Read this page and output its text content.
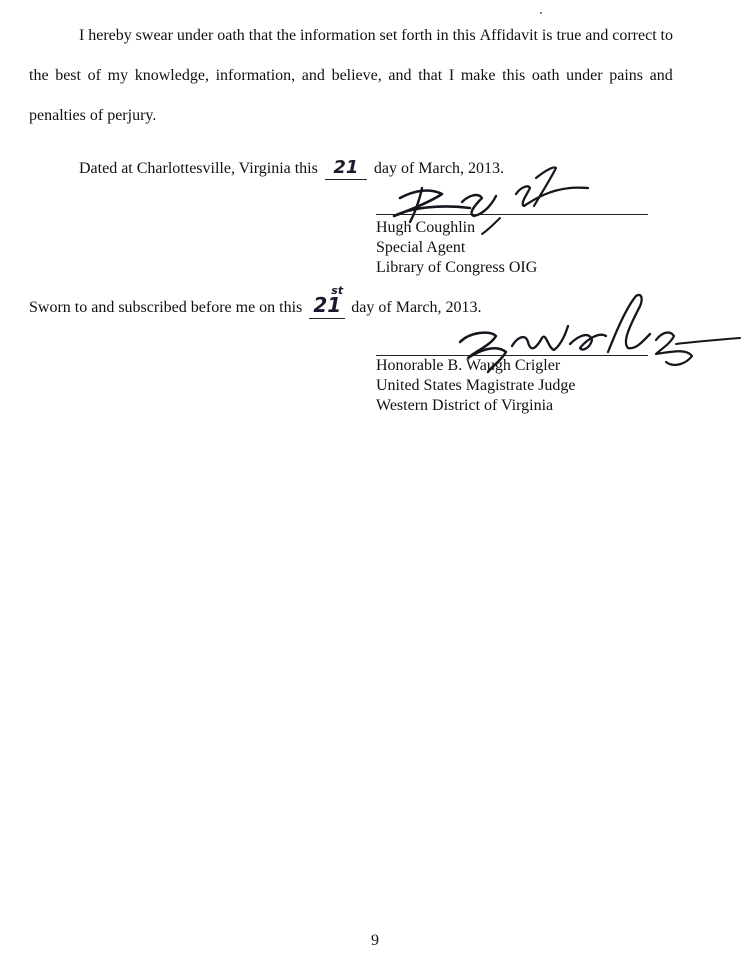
I hereby swear under oath that the information set forth in this Affidavit is true and correct to
the best of my knowledge, information, and believe, and that I make this oath under pains and
penalties of perjury.
Dated at Charlottesville, Virginia this 21 day of March, 2013.
Hugh Coughlin
Special Agent
Library of Congress OIG
Sworn to and subscribed before me on this 21
st
day of March, 2013.
Honorable B. Waugh Crigler
United States Magistrate Judge
Western District of Virginia
9
